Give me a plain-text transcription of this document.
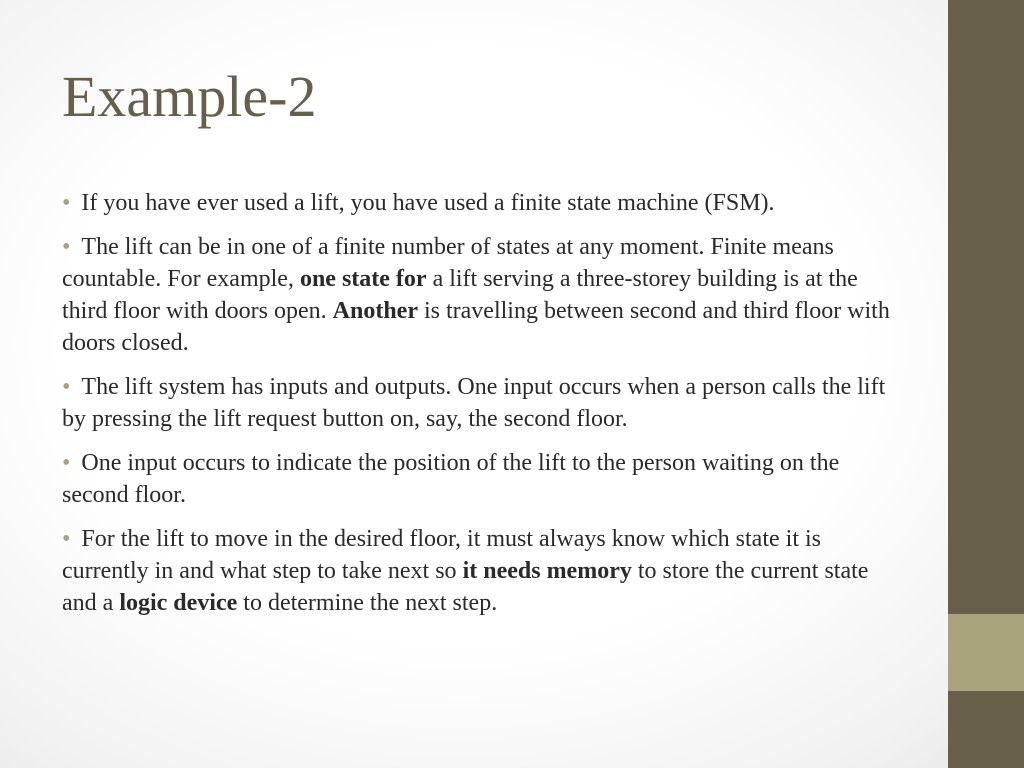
Example-2
• If you have ever used a lift, you have used a finite state machine (FSM).
• The lift can be in one of a finite number of states at any moment. Finite means countable. For example, one state for a lift serving a three-storey building is at the third floor with doors open. Another is travelling between second and third floor with doors closed.
• The lift system has inputs and outputs. One input occurs when a person calls the lift by pressing the lift request button on, say, the second floor.
• One input occurs to indicate the position of the lift to the person waiting on the second floor.
• For the lift to move in the desired floor, it must always know which state it is currently in and what step to take next so it needs memory to store the current state and a logic device to determine the next step.
